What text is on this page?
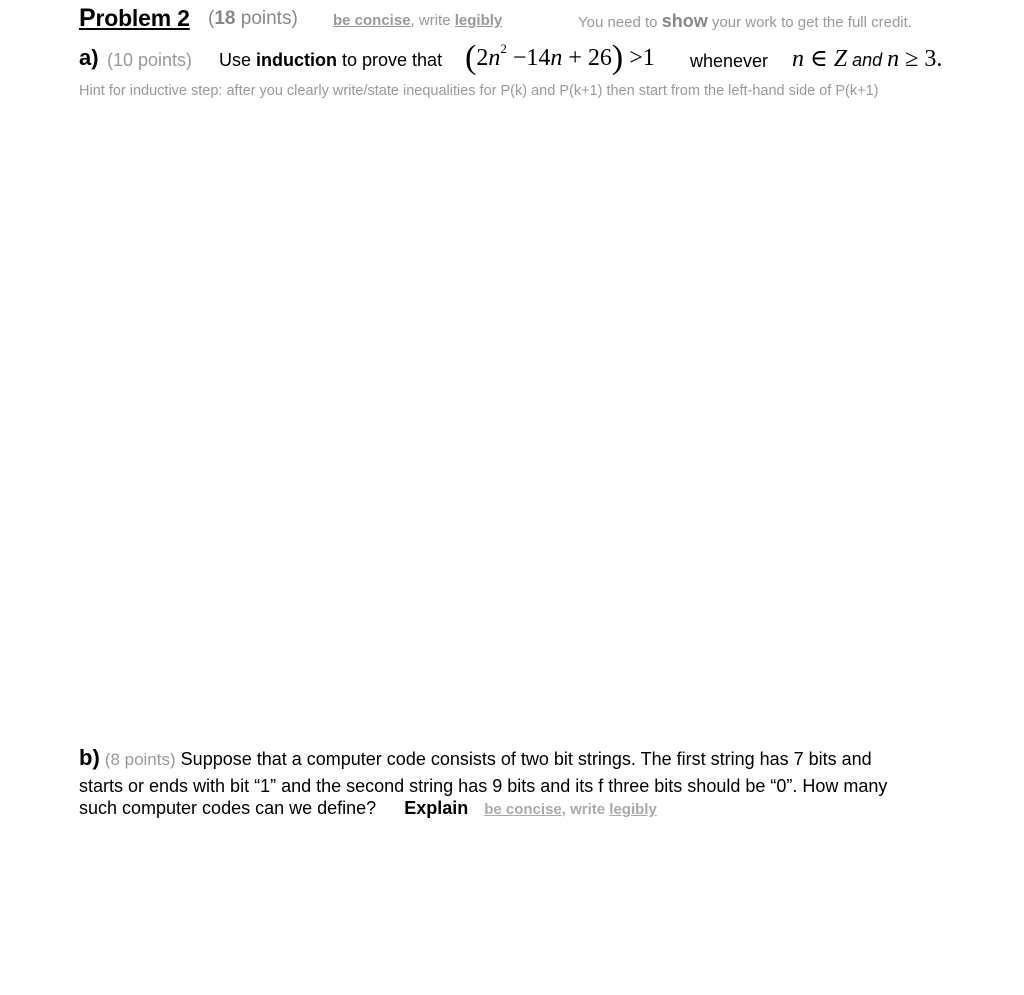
Problem 2 (18 points) be concise, write legibly	You need to show your work to get the full credit.
a) (10 points) Use induction to prove that $(2n^2 -14n + 26) >1$ whenever n ∈ Z and n ≥ 3.
Hint for inductive step: after you clearly write/state inequalities for P(k) and P(k+1) then start from the left-hand side of P(k+1)
b) (8 points) Suppose that a computer code consists of two bit strings. The first string has 7 bits and
starts or ends with bit “1” and the second string has 9 bits and its f three bits should be “0”. How many
such computer codes can we define? Explain be concise, write legibly
